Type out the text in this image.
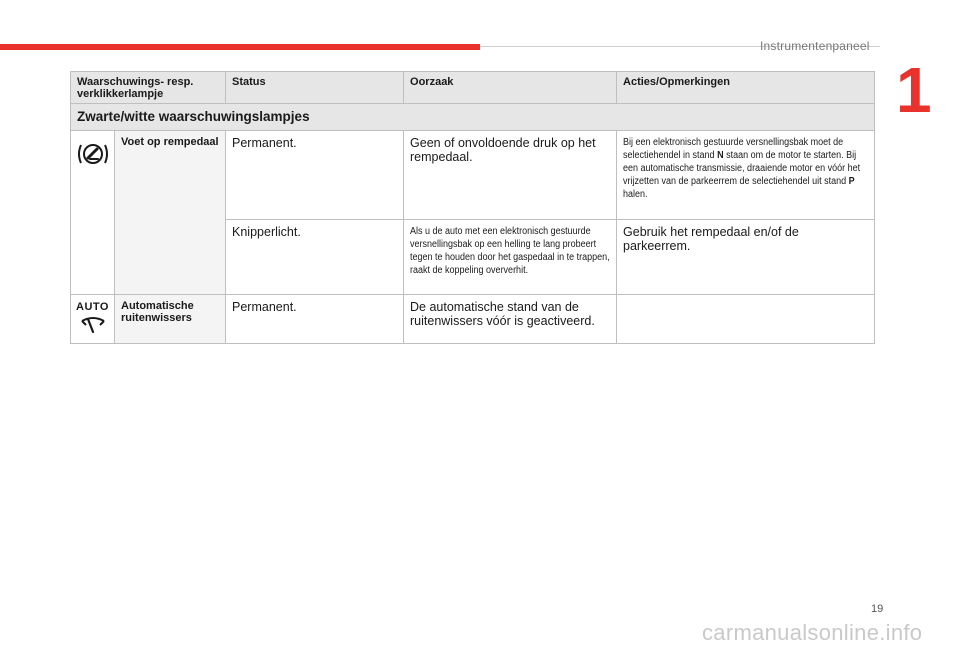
Instrumentenpaneel
1
Waarschuwings- resp. verklikkerlampje		Status	Oorzaak	Acties/Opmerkingen
Zwarte/witte waarschuwingslampjes				
	Voet op rempedaal	Permanent.	Geen of onvoldoende druk op het rempedaal.	Bij een elektronisch gestuurde versnellingsbak moet de selectiehendel in stand N staan om de motor te starten. Bij een automatische transmissie, draaiende motor en vóór het vrijzetten van de parkeerrem de selectiehendel uit stand P halen.
		Knipperlicht.	Als u de auto met een elektronisch gestuurde versnellingsbak op een helling te lang probeert tegen te houden door het gaspedaal in te trappen, raakt de koppeling oververhit.	Gebruik het rempedaal en/of de parkeerrem.

AUTO	Automatische ruitenwissers	Permanent.	De automatische stand van de ruitenwissers vóór is geactiveerd.	
19
carmanualsonline.info
